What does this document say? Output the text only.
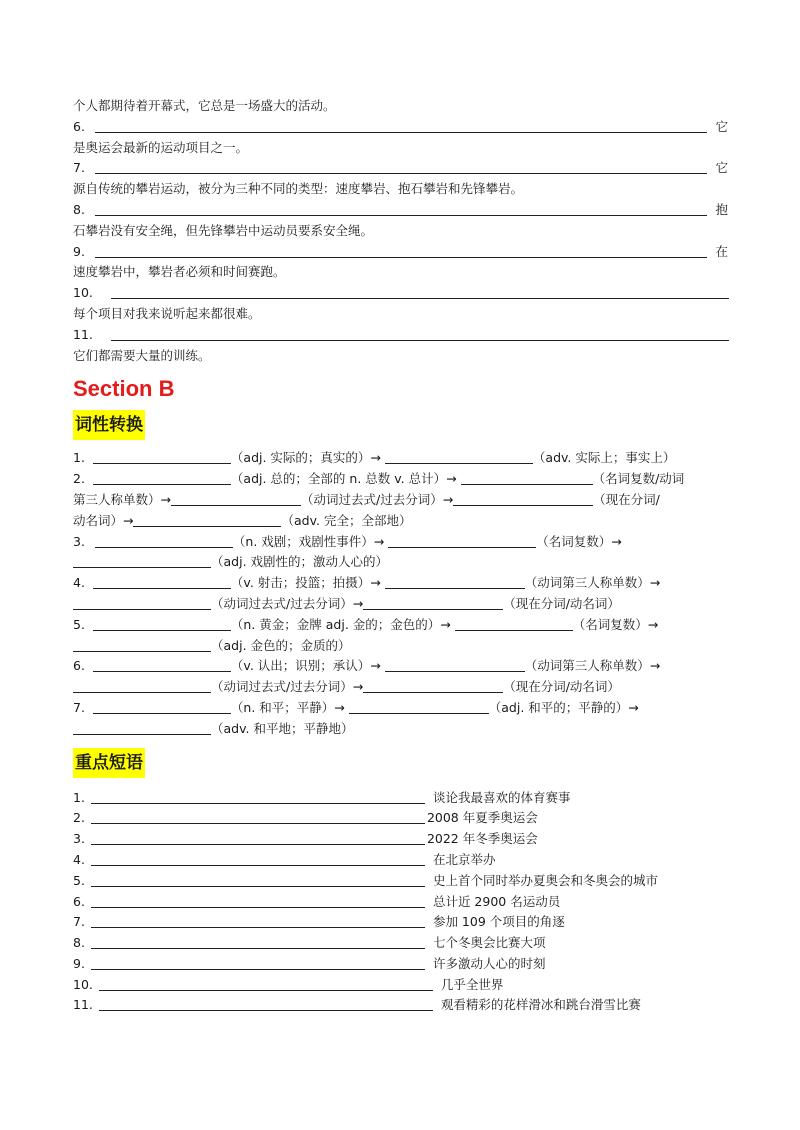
个人都期待着开幕式，它总是一场盛大的活动。
6.	它
是奥运会最新的运动项目之一。
7.	它
源自传统的攀岩运动，被分为三种不同的类型：速度攀岩、抱石攀岩和先锋攀岩。
8.	抱
石攀岩没有安全绳，但先锋攀岩中运动员要系安全绳。
9.	在
速度攀岩中，攀岩者必须和时间赛跑。
10.
每个项目对我来说听起来都很难。
11.
它们都需要大量的训练。
Section B
词性转换
1.	（adj. 实际的；真实的）→	（adv. 实际上；事实上）
2.	（adj. 总的；全部的 n. 总数 v. 总计）→	（名词复数/动词
第三人称单数）→	（动词过去式/过去分词）→	（现在分词/
动名词）→	（adv. 完全；全部地）
3.	（n. 戏剧；戏剧性事件）→	（名词复数）→
（adj. 戏剧性的；激动人心的）
4.	（v. 射击；投篮；拍摄）→	（动词第三人称单数）→
（动词过去式/过去分词）→	（现在分词/动名词）
5.	（n. 黄金；金牌 adj. 金的；金色的）→	（名词复数）→
（adj. 金色的；金质的）
6.	（v. 认出；识别；承认）→	（动词第三人称单数）→
（动词过去式/过去分词）→	（现在分词/动名词）
7.	（n. 和平；平静）→	（adj. 和平的；平静的）→
（adv. 和平地；平静地）
重点短语
1.	谈论我最喜欢的体育赛事
2.	2008 年夏季奥运会
3.	2022 年冬季奥运会
4.	在北京举办
5.	史上首个同时举办夏奥会和冬奥会的城市
6.	总计近 2900 名运动员
7.	参加 109 个项目的角逐
8.	七个冬奥会比赛大项
9.	许多激动人心的时刻
10.	几乎全世界
11.	观看精彩的花样滑冰和跳台滑雪比赛
